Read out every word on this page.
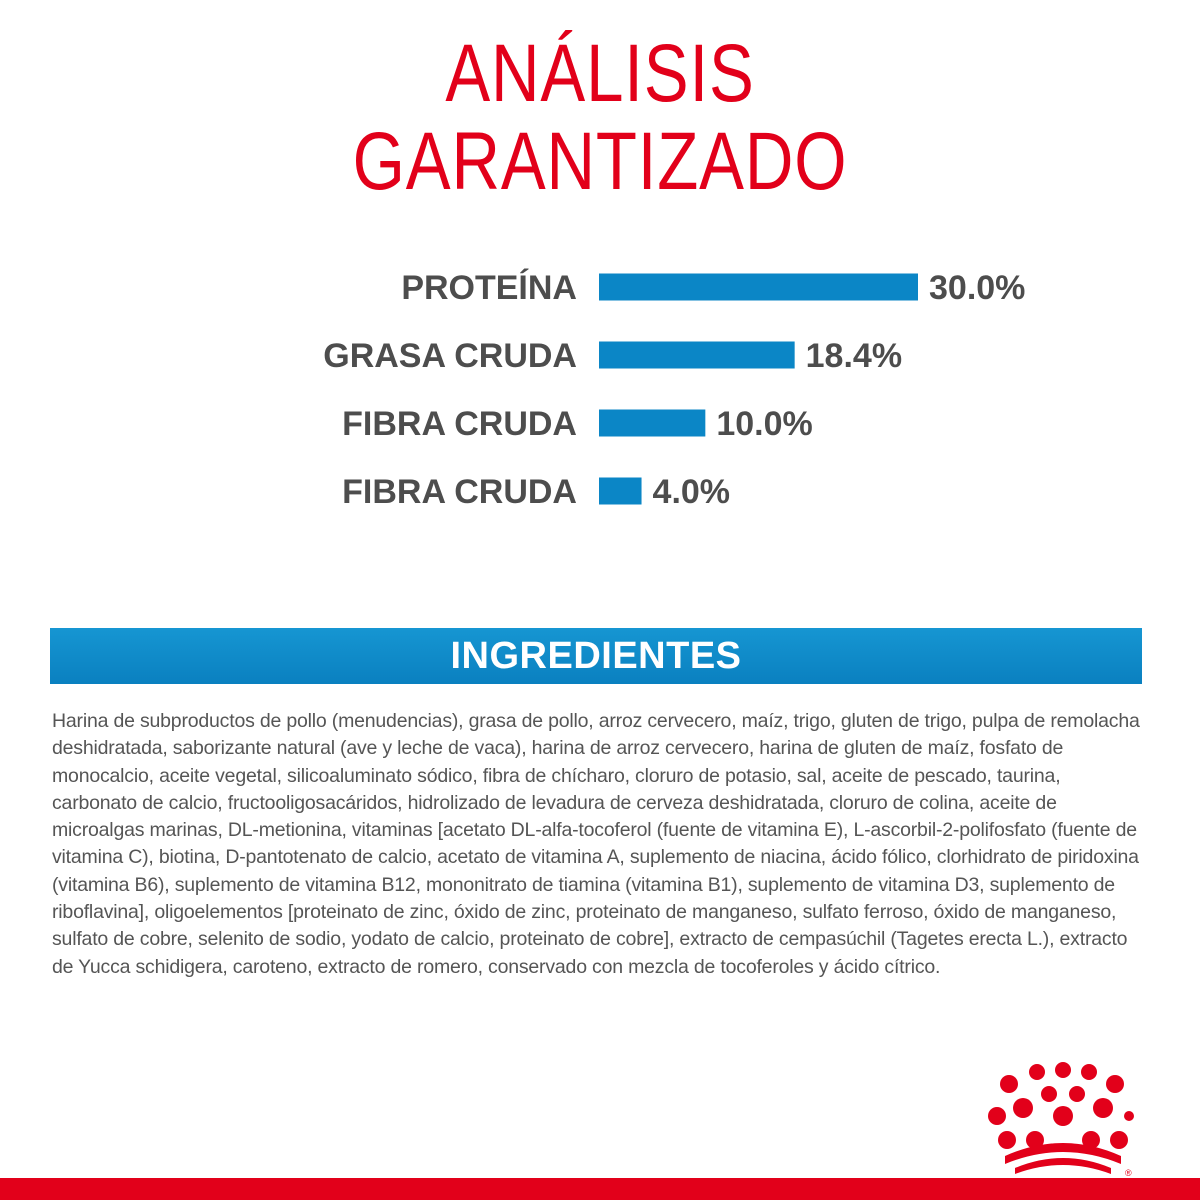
ANÁLISIS
GARANTIZADO
PROTEÍNA	30.0%
GRASA CRUDA	18.4%
FIBRA CRUDA	10.0%
FIBRA CRUDA 4.0%
INGREDIENTES
Harina de subproductos de pollo (menudencias), grasa de pollo, arroz cervecero, maíz, trigo, gluten de trigo, pulpa de remolacha deshidratada, saborizante natural (ave y leche de vaca), harina de arroz cervecero, harina de gluten de maíz, fosfato de monocalcio, aceite vegetal, silicoaluminato sódico, fibra de chícharo, cloruro de potasio, sal, aceite de pescado, taurina, carbonato de calcio, fructooligosacáridos, hidrolizado de levadura de cerveza deshidratada, cloruro de colina, aceite de microalgas marinas, DL-metionina, vitaminas [acetato DL-alfa-tocoferol (fuente de vitamina E), L-ascorbil-2-polifosfato (fuente de vitamina C), biotina, D-pantotenato de calcio, acetato de vitamina A, suplemento de niacina, ácido fólico, clorhidrato de piridoxina (vitamina B6), suplemento de vitamina B12, mononitrato de tiamina (vitamina B1), suplemento de vitamina D3, suplemento de riboflavina], oligoelementos [proteinato de zinc, óxido de zinc, proteinato de manganeso, sulfato ferroso, óxido de manganeso, sulfato de cobre, selenito de sodio, yodato de calcio, proteinato de cobre], extracto de cempasúchil (Tagetes erecta L.), extracto de Yucca schidigera, caroteno, extracto de romero, conservado con mezcla de tocoferoles y ácido cítrico.
®
